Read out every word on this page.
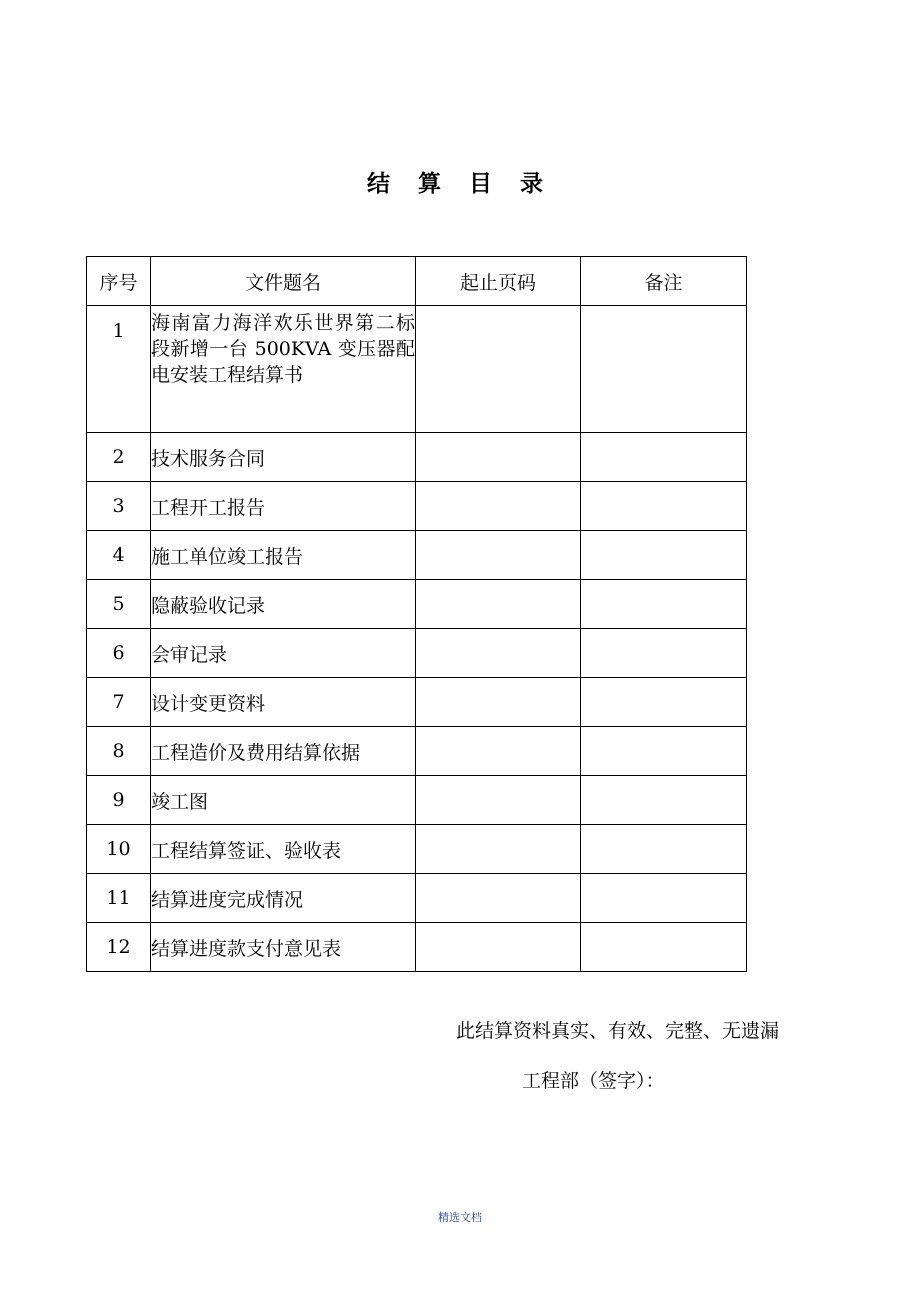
结 算 目 录
序号	文件题名	起止页码	备注
1	海南富力海洋欢乐世界第二标段新增一台 500KVA 变压器配电安装工程结算书		
2	技术服务合同		
3	工程开工报告		
4	施工单位竣工报告		
5	隐蔽验收记录		
6	会审记录		
7	设计变更资料		
8	工程造价及费用结算依据		
9	竣工图		
10	工程结算签证、验收表		
11	结算进度完成情况		
12	结算进度款支付意见表		
此结算资料真实、有效、完整、无遗漏
工程部（签字）：
精选文档
